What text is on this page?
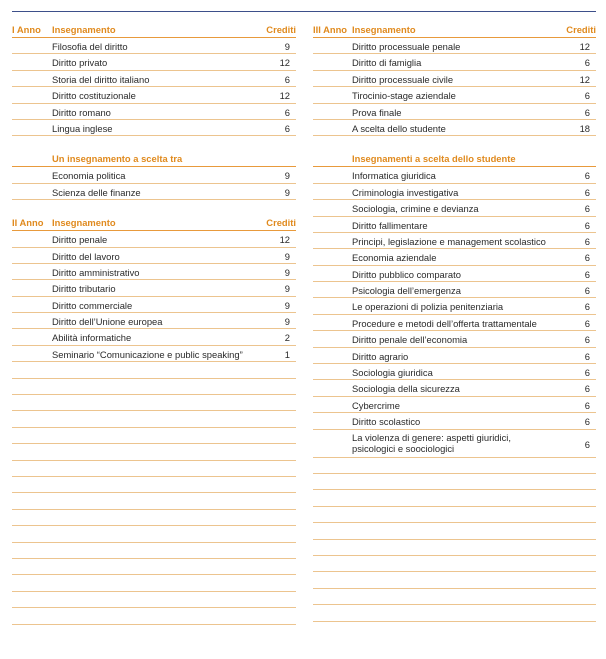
I Anno Insegnamento	Crediti
Filosofia del diritto	9
Diritto privato	12
Storia del diritto italiano	6
Diritto costituzionale	12
Diritto romano	6
Lingua inglese	6
Un insegnamento a scelta tra
Economia politica	9
Scienza delle finanze	9
II Anno Insegnamento	Crediti
Diritto penale	12
Diritto del lavoro	9
Diritto amministrativo	9
Diritto tributario	9
Diritto commerciale	9
Diritto dell’Unione europea	9
Abilità informatiche	2
Seminario “Comunicazione e public speaking”	1
III Anno Insegnamento	Crediti
Diritto processuale penale	12
Diritto di famiglia	6
Diritto processuale civile	12
Tirocinio-stage aziendale	6
Prova finale	6
A scelta dello studente	18
Insegnamenti a scelta dello studente
Informatica giuridica	6
Criminologia investigativa	6
Sociologia, crimine e devianza	6
Diritto fallimentare	6
Principi, legislazione e management scolastico	6
Economia aziendale	6
Diritto pubblico comparato	6
Psicologia dell’emergenza	6
Le operazioni di polizia penitenziaria	6
Procedure e metodi dell’offerta trattamentale	6
Diritto penale dell’economia	6
Diritto agrario	6
Sociologia giuridica	6
Sociologia della sicurezza	6
Cybercrime	6
Diritto scolastico	6
La violenza di genere: aspetti giuridici, psicologici e soociologici	6
